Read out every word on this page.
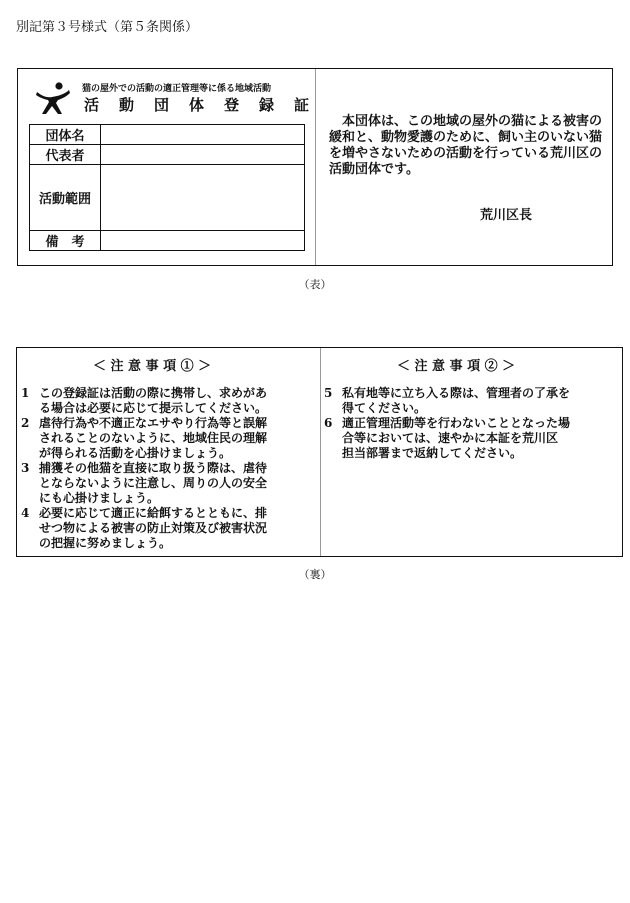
別記第３号様式（第５条関係）
猫の屋外での活動の適正管理等に係る地域活動
活動団体登録証
団体名	
代表者	
活動範囲	
備　考	
本団体は、この地域の屋外の猫による被害の緩和と、動物愛護のために、飼い主のいない猫を増やさないための活動を行っている荒川区の活動団体です。
荒川区長
（表）
＜ 注 意 事 項 ① ＞
1 この登録証は活動の際に携帯し、求めがあ
る場合は必要に応じて提示してください。
2 虐待行為や不適正なエサやり行為等と誤解
されることのないように、地域住民の理解
が得られる活動を心掛けましょう。
3 捕獲その他猫を直接に取り扱う際は、虐待
とならないように注意し、周りの人の安全
にも心掛けましょう。
4 必要に応じて適正に給餌するとともに、排
せつ物による被害の防止対策及び被害状況
の把握に努めましょう。
＜ 注 意 事 項 ② ＞
5 私有地等に立ち入る際は、管理者の了承を
得てください。
6 適正管理活動等を行わないこととなった場
合等においては、速やかに本証を荒川区
担当部署まで返納してください。
（裏）
